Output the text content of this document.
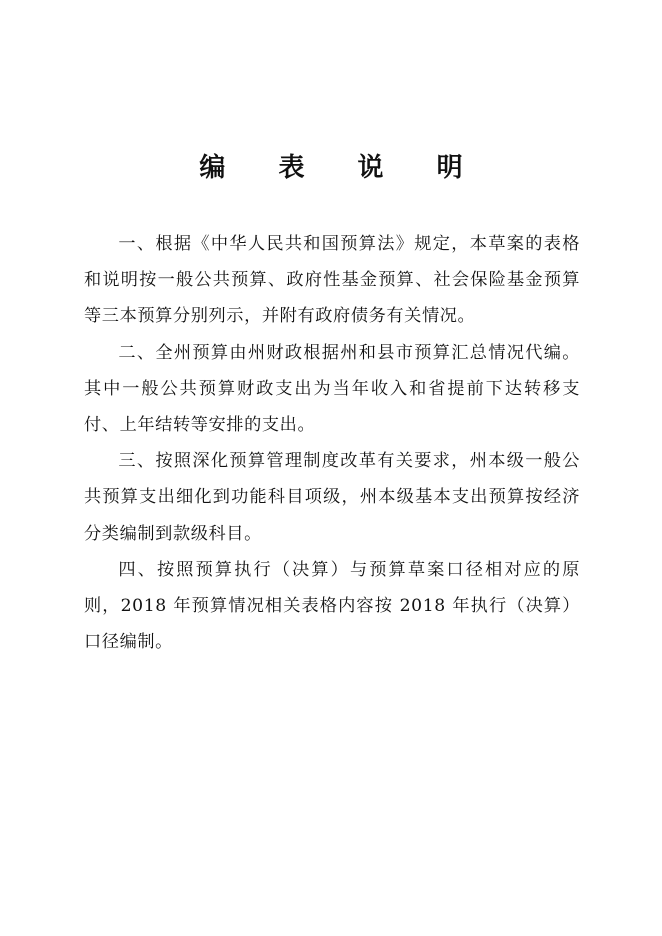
编 表 说 明

一、根据《中华人民共和国预算法》规定，本草案的表格和说明按一般公共预算、政府性基金预算、社会保险基金预算等三本预算分别列示，并附有政府债务有关情况。

二、全州预算由州财政根据州和县市预算汇总情况代编。其中一般公共预算财政支出为当年收入和省提前下达转移支付、上年结转等安排的支出。

三、按照深化预算管理制度改革有关要求，州本级一般公共预算支出细化到功能科目项级，州本级基本支出预算按经济分类编制到款级科目。

四、按照预算执行（决算）与预算草案口径相对应的原则，2018 年预算情况相关表格内容按 2018 年执行（决算）口径编制。
